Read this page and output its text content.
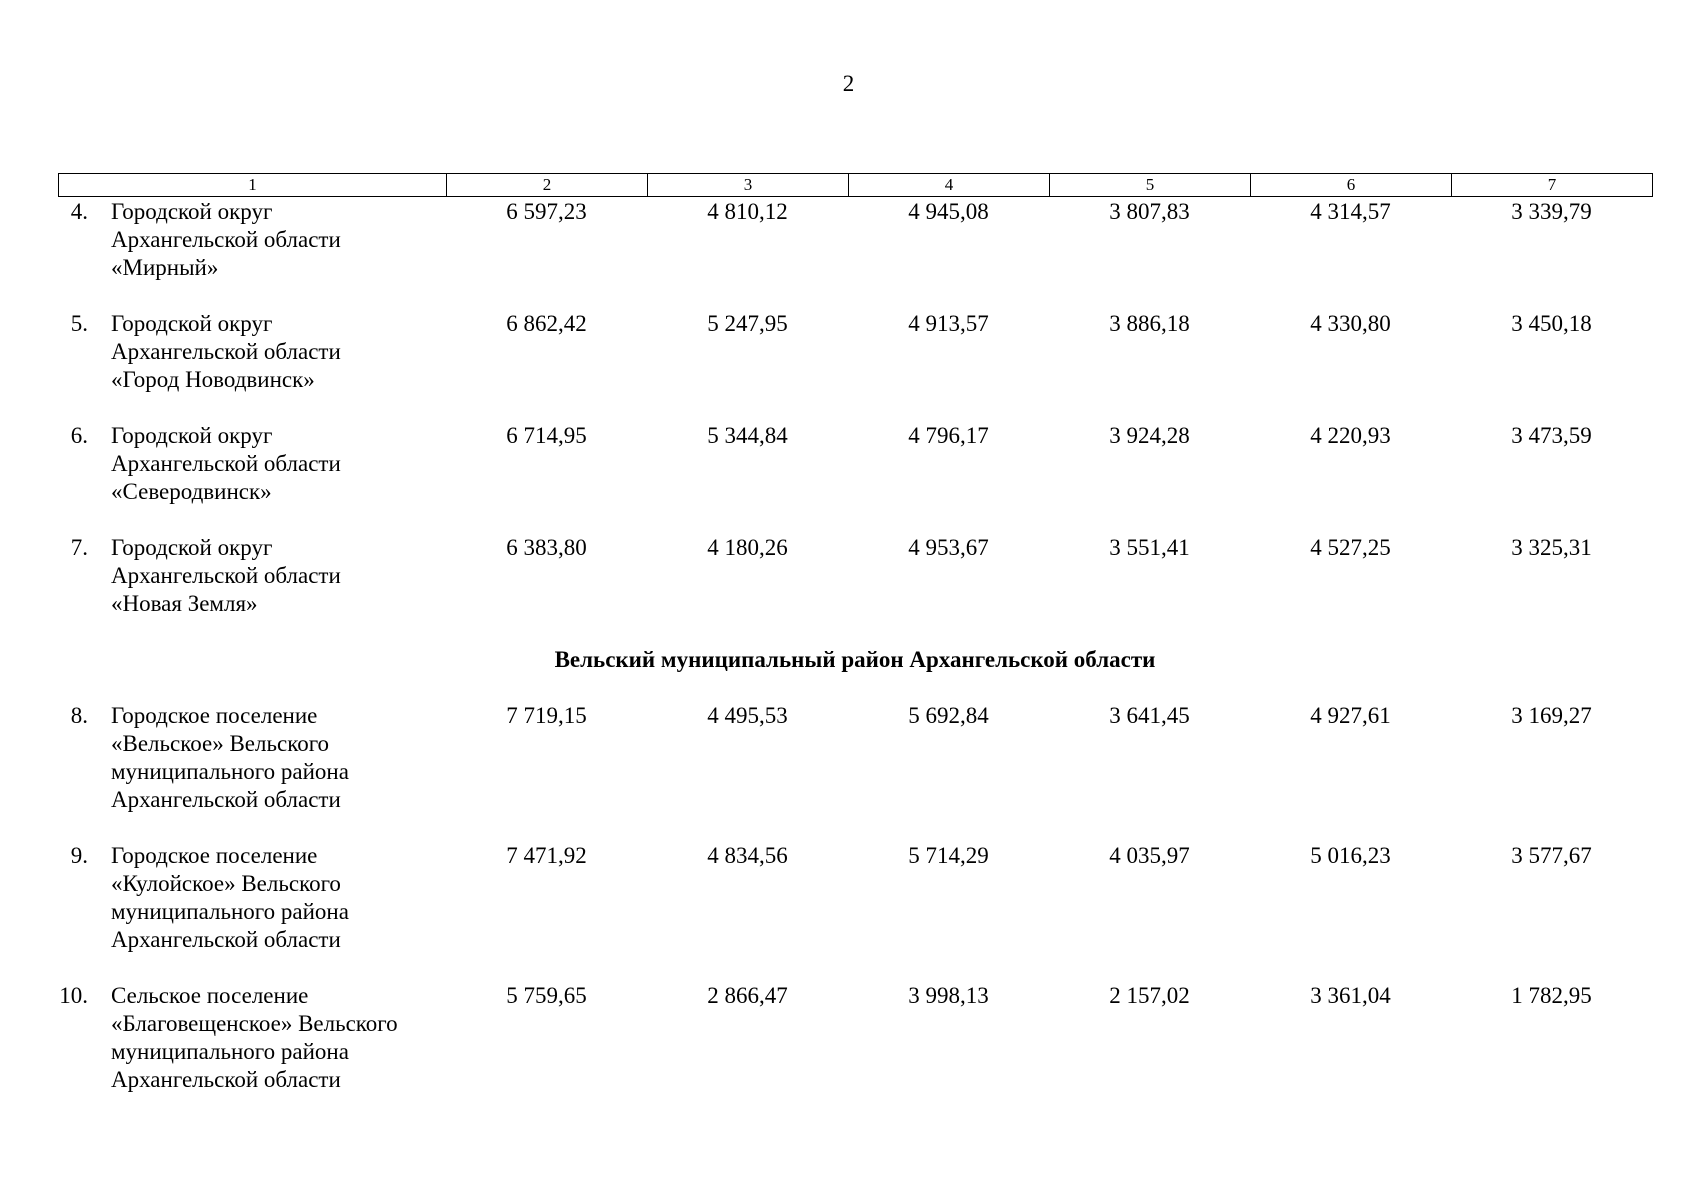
2
1	2	3	4	5	6	7
4. Городской округ
Архангельской области
«Мирный»	6 597,23	4 810,12	4 945,08	3 807,83	4 314,57	3 339,79

5. Городской округ
Архангельской области
«Город Новодвинск»	6 862,42	5 247,95	4 913,57	3 886,18	4 330,80	3 450,18

6. Городской округ
Архангельской области
«Северодвинск»	6 714,95	5 344,84	4 796,17	3 924,28	4 220,93	3 473,59

7. Городской округ
Архангельской области
«Новая Земля»	6 383,80	4 180,26	4 953,67	3 551,41	4 527,25	3 325,31
Вельский муниципальный район Архангельской области						

8. Городское поселение
«Вельское» Вельского
муниципального района
Архангельской области	7 719,15	4 495,53	5 692,84	3 641,45	4 927,61	3 169,27

9. Городское поселение
«Кулойское» Вельского
муниципального района
Архангельской области	7 471,92	4 834,56	5 714,29	4 035,97	5 016,23	3 577,67

10. Сельское поселение
«Благовещенское» Вельского
муниципального района
Архангельской области	5 759,65	2 866,47	3 998,13	2 157,02	3 361,04	1 782,95
